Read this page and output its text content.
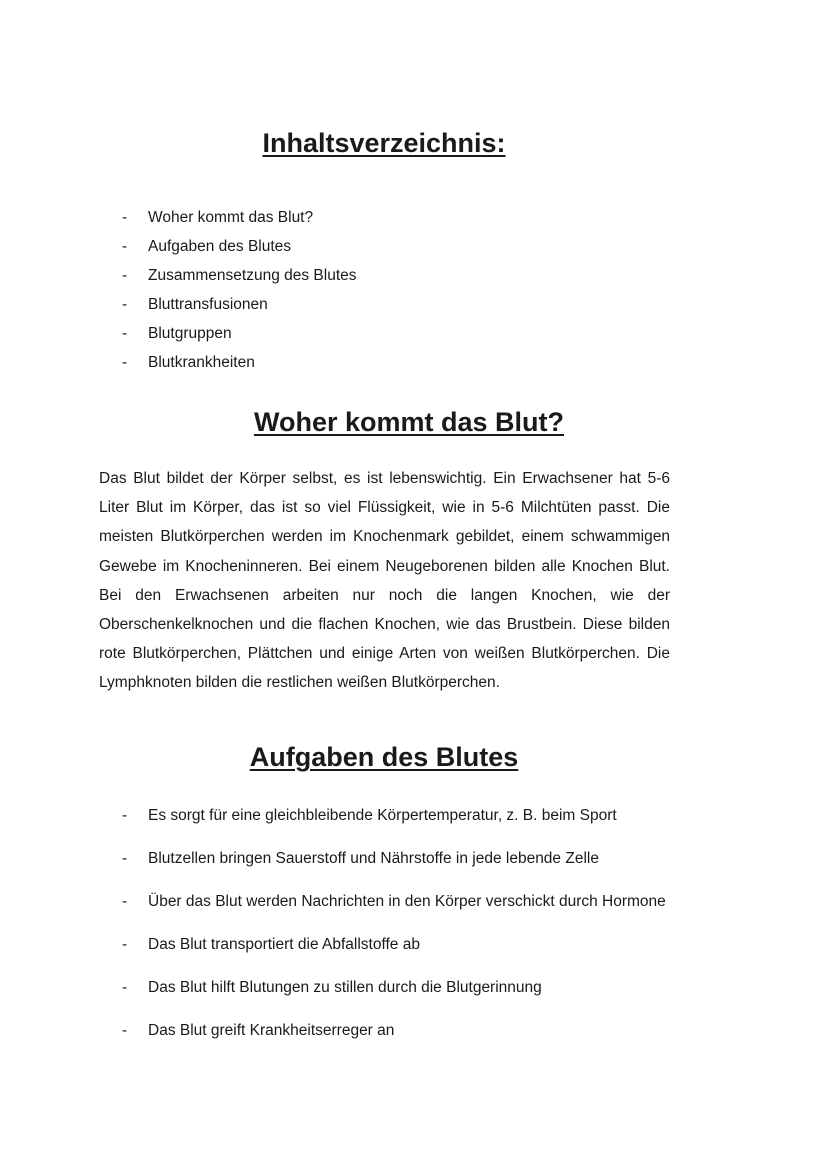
Inhaltsverzeichnis:
- Woher kommt das Blut?
- Aufgaben des Blutes
- Zusammensetzung des Blutes
- Bluttransfusionen
- Blutgruppen
- Blutkrankheiten
Woher kommt das Blut?

Das Blut bildet der Körper selbst, es ist lebenswichtig. Ein Erwachsener hat 5-6 Liter Blut im Körper, das ist so viel Flüssigkeit, wie in 5-6 Milchtüten passt. Die meisten Blutkörperchen werden im Knochenmark gebildet, einem schwammigen Gewebe im Knocheninneren. Bei einem Neugeborenen bilden alle Knochen Blut. Bei den Erwachsenen arbeiten nur noch die langen Knochen, wie der Oberschenkelknochen und die flachen Knochen, wie das Brustbein. Diese bilden rote Blutkörperchen, Plättchen und einige Arten von weißen Blutkörperchen. Die Lymphknoten bilden die restlichen weißen Blutkörperchen.

Aufgaben des Blutes
- Es sorgt für eine gleichbleibende Körpertemperatur, z. B. beim Sport
- Blutzellen bringen Sauerstoff und Nährstoffe in jede lebende Zelle
- Über das Blut werden Nachrichten in den Körper verschickt durch Hormone
- Das Blut transportiert die Abfallstoffe ab
- Das Blut hilft Blutungen zu stillen durch die Blutgerinnung
- Das Blut greift Krankheitserreger an
